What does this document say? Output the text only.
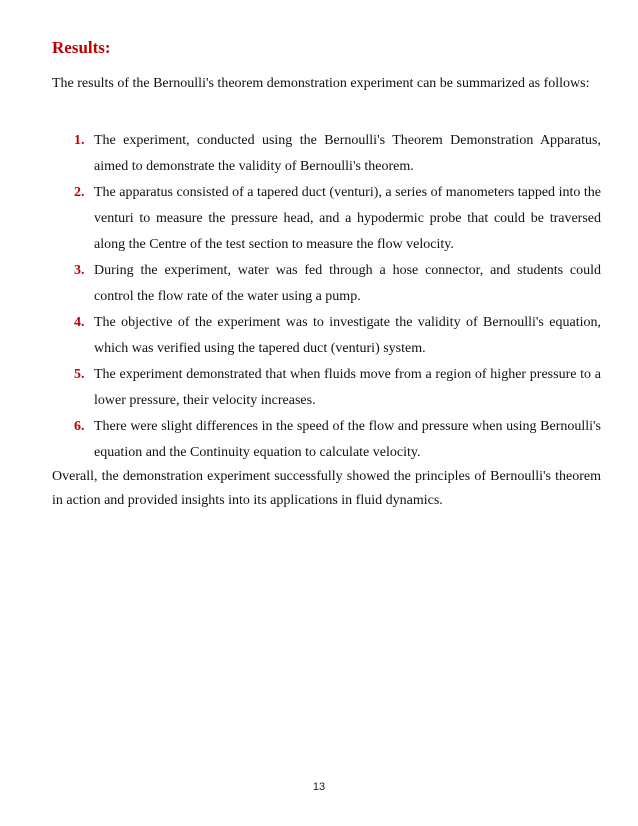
Results:

The results of the Bernoulli's theorem demonstration experiment can be summarized as follows:

1. The experiment, conducted using the Bernoulli's Theorem Demonstration Apparatus, aimed to demonstrate the validity of Bernoulli's theorem.
2. The apparatus consisted of a tapered duct (venturi), a series of manometers tapped into the venturi to measure the pressure head, and a hypodermic probe that could be traversed along the Centre of the test section to measure the flow velocity.
3. During the experiment, water was fed through a hose connector, and students could control the flow rate of the water using a pump.
4. The objective of the experiment was to investigate the validity of Bernoulli's equation, which was verified using the tapered duct (venturi) system.
5. The experiment demonstrated that when fluids move from a region of higher pressure to a lower pressure, their velocity increases.
6. There were slight differences in the speed of the flow and pressure when using Bernoulli's equation and the Continuity equation to calculate velocity.

Overall, the demonstration experiment successfully showed the principles of Bernoulli's theorem in action and provided insights into its applications in fluid dynamics.

13
